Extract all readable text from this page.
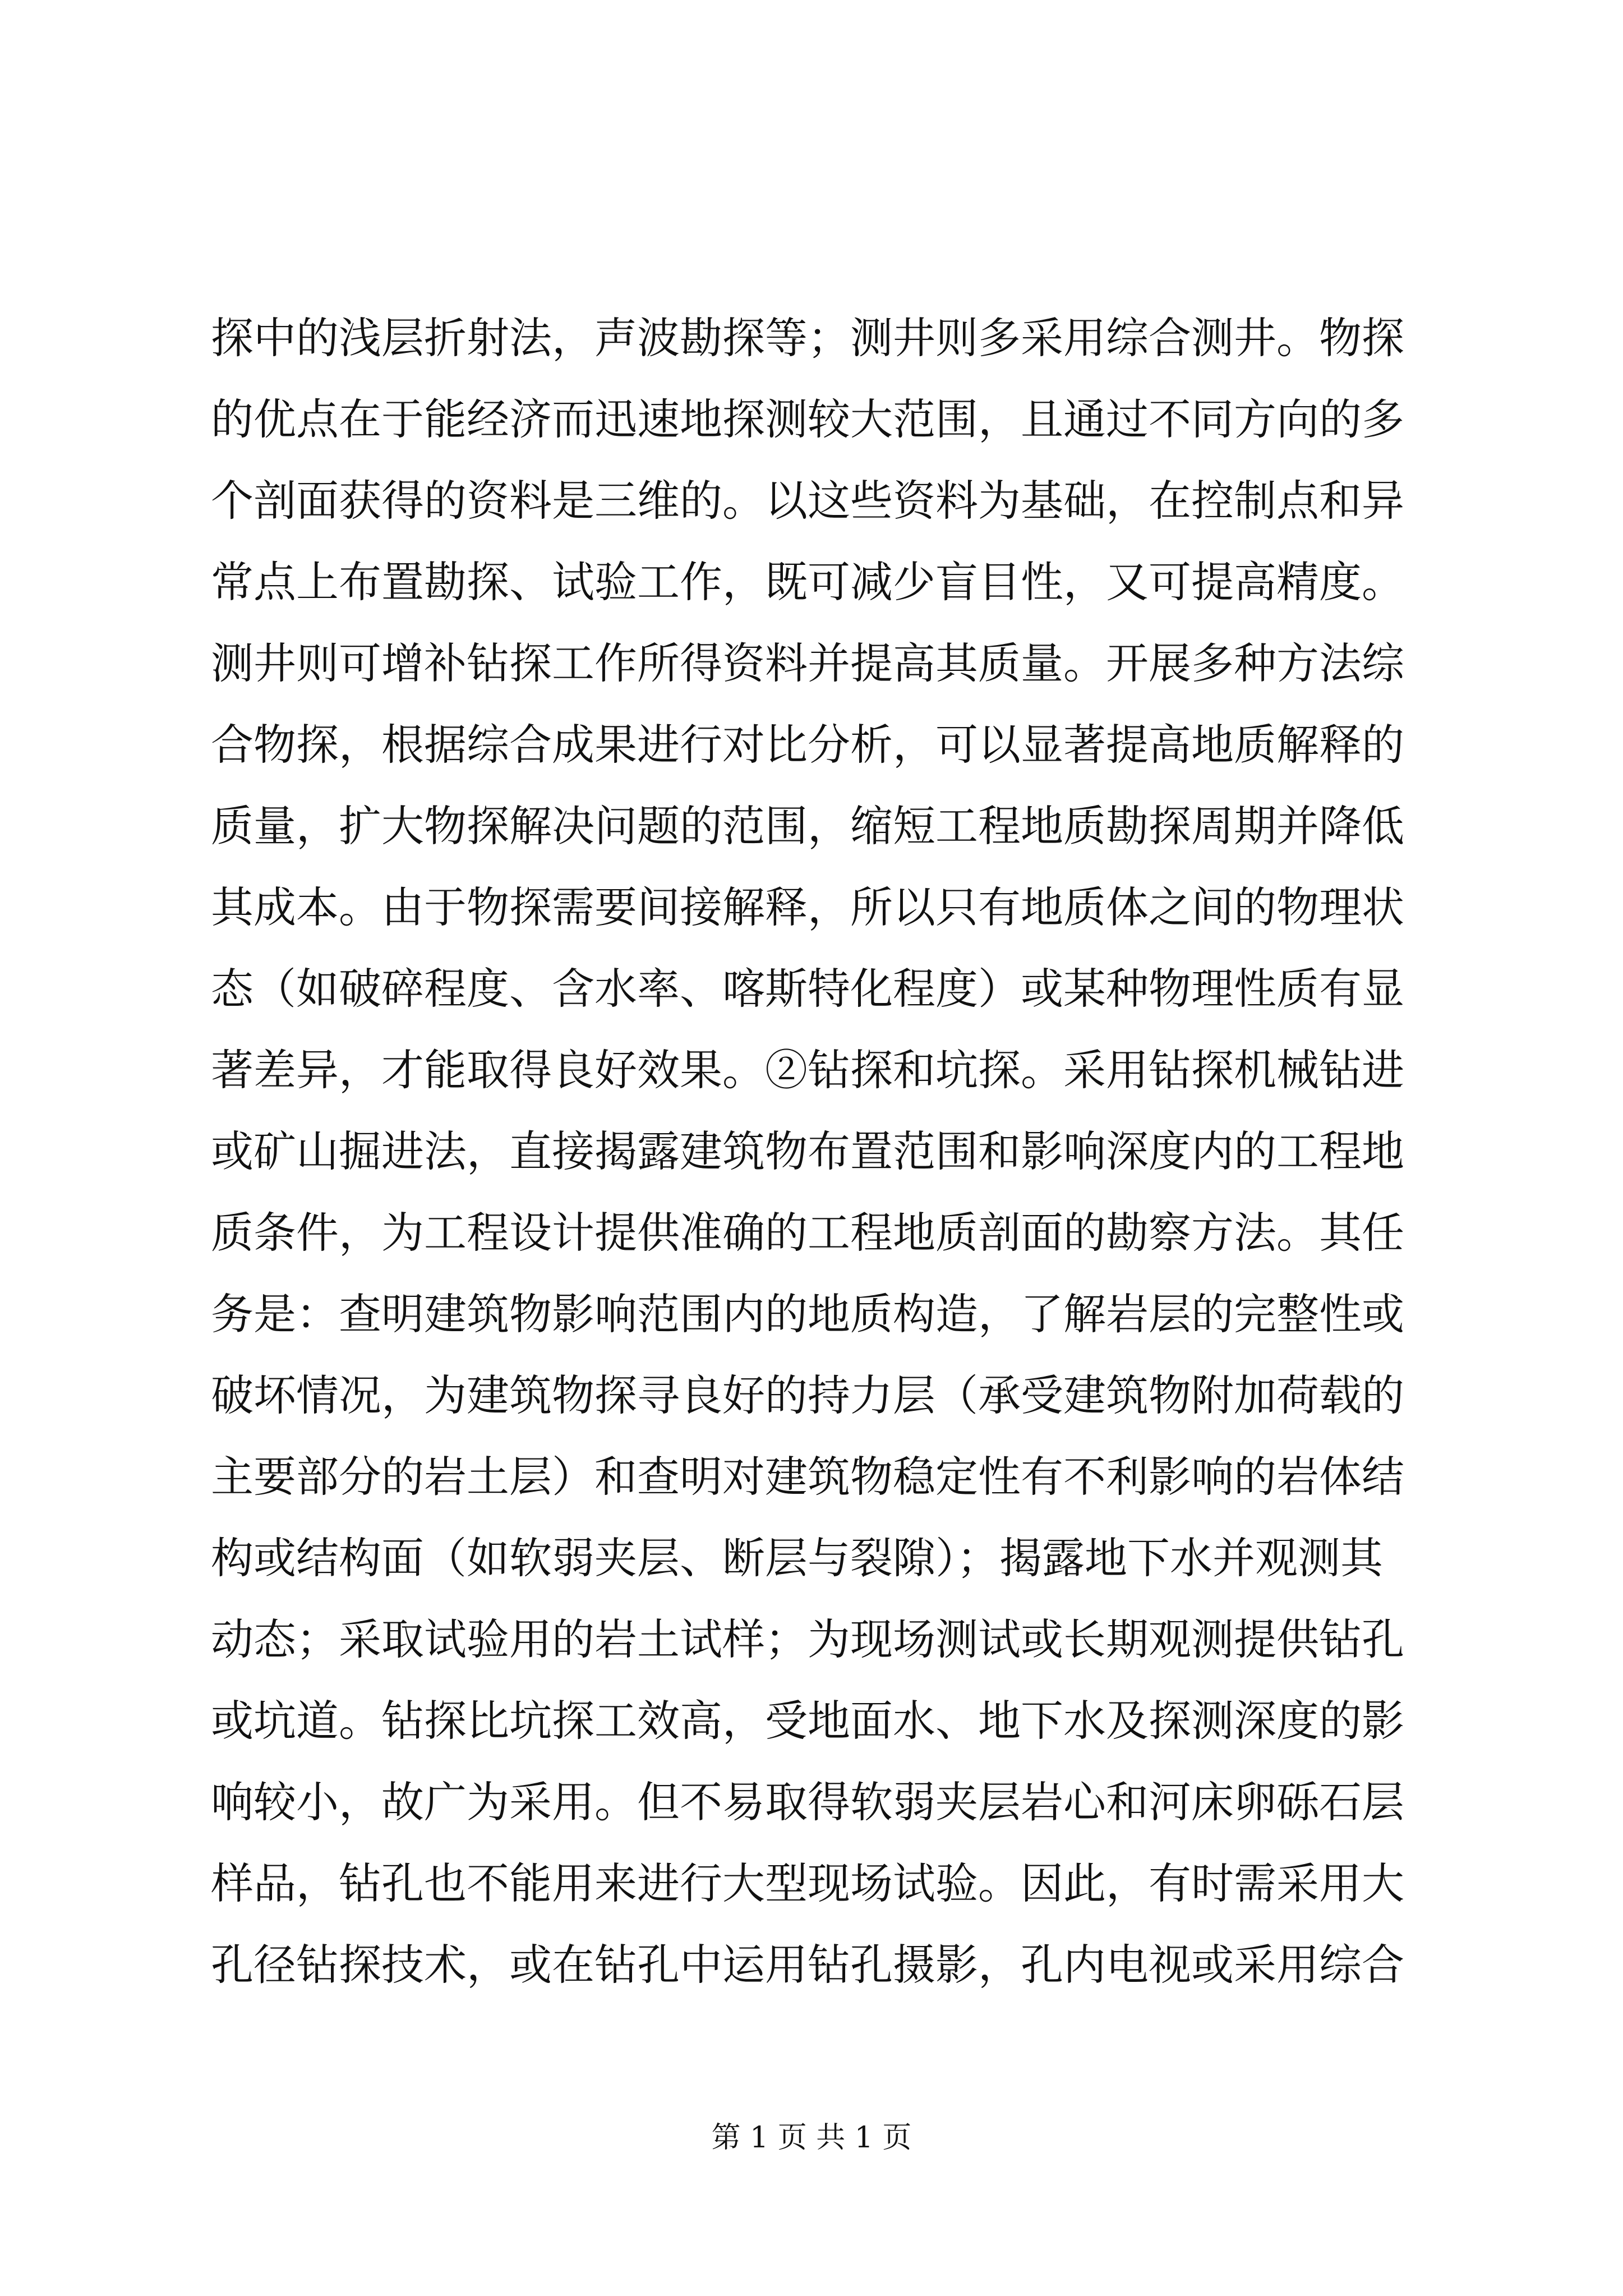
探中的浅层折射法，声波勘探等；测井则多采用综合测井。物探
的优点在于能经济而迅速地探测较大范围，且通过不同方向的多
个剖面获得的资料是三维的。以这些资料为基础，在控制点和异
常点上布置勘探、试验工作，既可减少盲目性，又可提高精度。
测井则可增补钻探工作所得资料并提高其质量。开展多种方法综
合物探，根据综合成果进行对比分析，可以显著提高地质解释的
质量，扩大物探解决问题的范围，缩短工程地质勘探周期并降低
其成本。由于物探需要间接解释，所以只有地质体之间的物理状
态（如破碎程度、含水率、喀斯特化程度）或某种物理性质有显
著差异，才能取得良好效果。②钻探和坑探。采用钻探机械钻进
或矿山掘进法，直接揭露建筑物布置范围和影响深度内的工程地
质条件，为工程设计提供准确的工程地质剖面的勘察方法。其任
务是：查明建筑物影响范围内的地质构造，了解岩层的完整性或
破坏情况，为建筑物探寻良好的持力层（承受建筑物附加荷载的
主要部分的岩土层）和查明对建筑物稳定性有不利影响的岩体结
构或结构面（如软弱夹层、断层与裂隙）；揭露地下水并观测其
动态；采取试验用的岩土试样；为现场测试或长期观测提供钻孔
或坑道。钻探比坑探工效高，受地面水、地下水及探测深度的影
响较小，故广为采用。但不易取得软弱夹层岩心和河床卵砾石层
样品，钻孔也不能用来进行大型现场试验。因此，有时需采用大
孔径钻探技术，或在钻孔中运用钻孔摄影，孔内电视或采用综合
第 1 页 共 1 页
